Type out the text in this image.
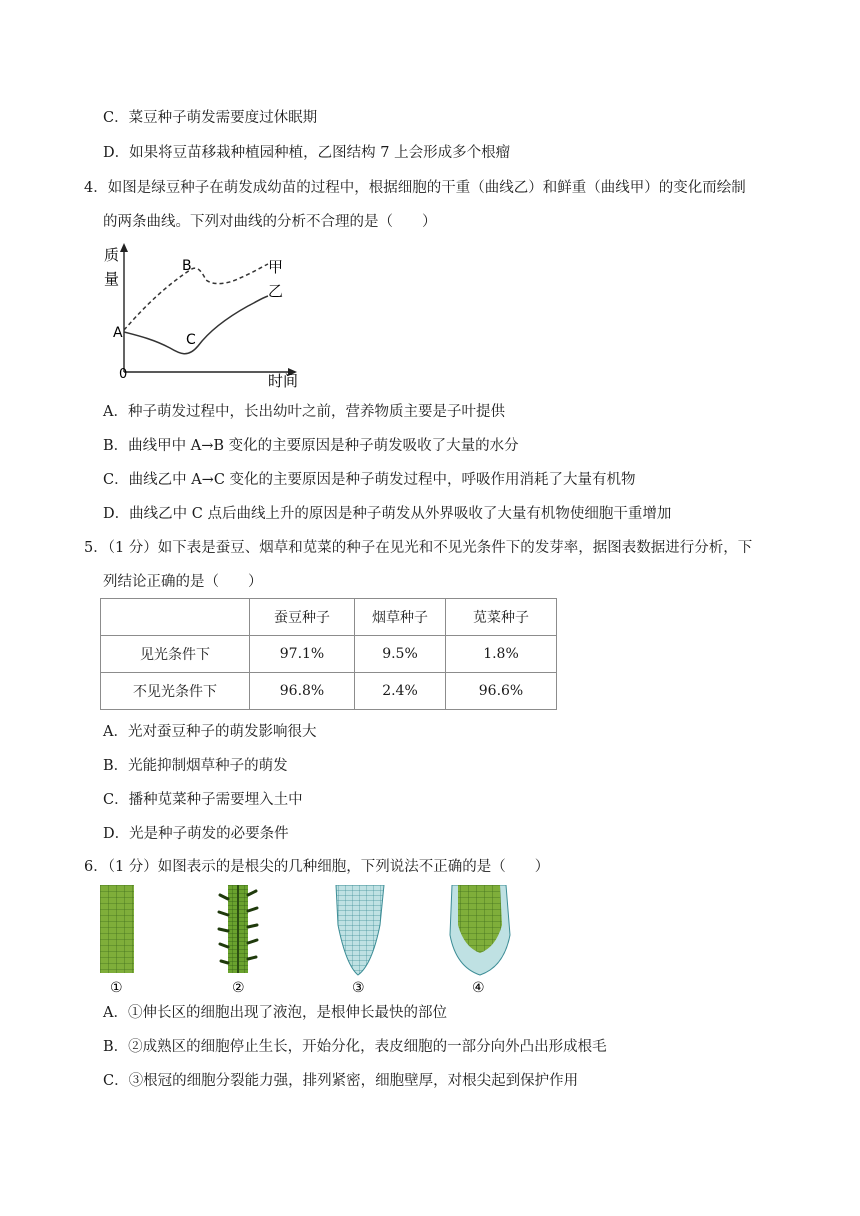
C．菜豆种子萌发需要度过休眠期
D．如果将豆苗移栽种植园种植，乙图结构 7 上会形成多个根瘤
4．如图是绿豆种子在萌发成幼苗的过程中，根据细胞的干重（曲线乙）和鲜重（曲线甲）的变化而绘制
的两条曲线。下列对曲线的分析不合理的是（　　）
质
量
0	时间
A
B
C
甲
乙
A．种子萌发过程中，长出幼叶之前，营养物质主要是子叶提供
B．曲线甲中 A→B 变化的主要原因是种子萌发吸收了大量的水分
C．曲线乙中 A→C 变化的主要原因是种子萌发过程中，呼吸作用消耗了大量有机物
D．曲线乙中 C 点后曲线上升的原因是种子萌发从外界吸收了大量有机物使细胞干重增加
5．（1 分）如下表是蚕豆、烟草和苋菜的种子在见光和不见光条件下的发芽率，据图表数据进行分析，下
列结论正确的是（　　）
	蚕豆种子	烟草种子	苋菜种子
见光条件下	97.1%	9.5%	1.8%
不见光条件下	96.8%	2.4%	96.6%
A．光对蚕豆种子的萌发影响很大
B．光能抑制烟草种子的萌发
C．播种苋菜种子需要埋入土中
D．光是种子萌发的必要条件
6．（1 分）如图表示的是根尖的几种细胞，下列说法不正确的是（　　）
①	②	③	④
A．①伸长区的细胞出现了液泡，是根伸长最快的部位
B．②成熟区的细胞停止生长，开始分化，表皮细胞的一部分向外凸出形成根毛
C．③根冠的细胞分裂能力强，排列紧密，细胞壁厚，对根尖起到保护作用
